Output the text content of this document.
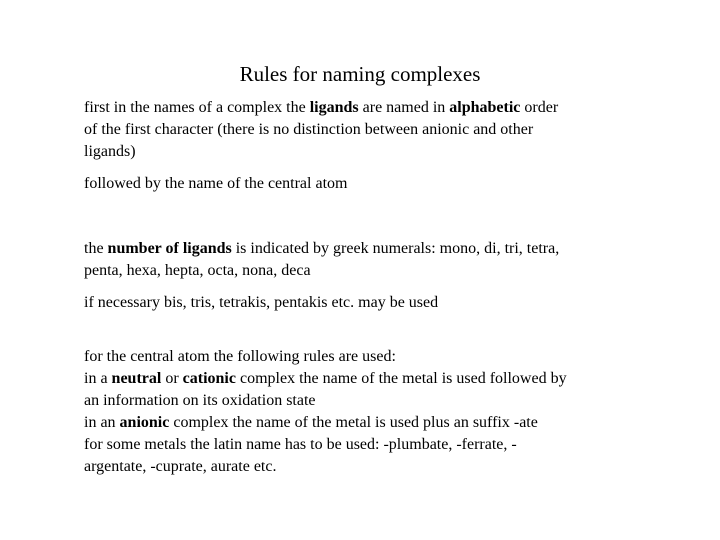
Rules for naming complexes
first in the names of a complex the ligands are named in alphabetic order
of the first character (there is no distinction between anionic and other
ligands)
followed by the name of the central atom
the number of ligands is indicated by greek numerals: mono, di, tri, tetra,
penta, hexa, hepta, octa, nona, deca
if necessary bis, tris, tetrakis, pentakis etc. may be used
for the central atom the following rules are used:
in a neutral or cationic complex the name of the metal is used followed by
an information on its oxidation state
in an anionic complex the name of the metal is used plus an suffix -ate
for some metals the latin name has to be used: -plumbate, -ferrate, -
argentate, -cuprate, aurate etc.
